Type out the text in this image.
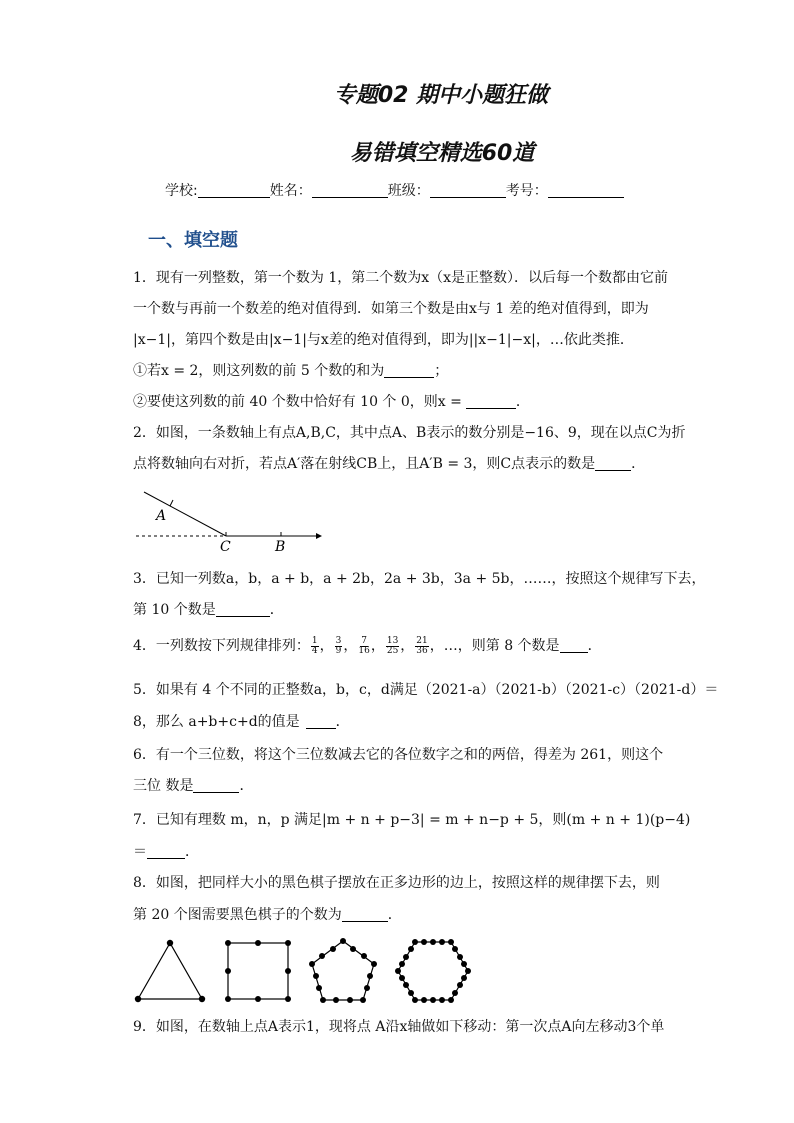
专题02 期中小题狂做
易错填空精选60道
学校:	姓名：	班级：	考号：
一、填空题
1．现有一列整数，第一个数为 1，第二个数为x（x是正整数）．以后每一个数都由它前
一个数与再前一个数差的绝对值得到．如第三个数是由x与 1 差的绝对值得到，即为
|x−1|，第四个数是由|x−1|与x差的绝对值得到，即为||x−1|−x|，…依此类推．
①若x = 2，则这列数的前 5 个数的和为	；
②要使这列数的前 40 个数中恰好有 10 个 0，则x =	．
2．如图，一条数轴上有点A,B,C，其中点A、B表示的数分别是−16、9，现在以点C为折
点将数轴向右对折，若点A′落在射线CB上，且A′B = 3，则C点表示的数是	．
A
C	B
3．已知一列数a，b，a + b，a + 2b，2a + 3b，3a + 5b，……，按照这个规律写下去，
第 10 个数是	．
4．一列数按下列规律排列： $\frac{1}{4}$ ， $\frac{3}{9}$ ， $\frac{7}{16}$ ， $\frac{13}{25}$ ， $\frac{21}{36}$ ，…，则第 8 个数是 ．
5．如果有 4 个不同的正整数a，b，c，d满足（2021-a）（2021-b）（2021-c）（2021-d）＝
8，那么 a+b+c+d的值是	．
6．有一个三位数，将这个三位数减去它的各位数字之和的两倍，得差为 261，则这个
三位 数是	．
7．已知有理数 m，n，p 满足|m + n + p−3| = m + n−p + 5，则(m + n + 1)(p−4)
＝	．
8．如图，把同样大小的黑色棋子摆放在正多边形的边上，按照这样的规律摆下去，则
第 20 个图需要黑色棋子的个数为	．
9．如图，在数轴上点A表示1，现将点 A沿x轴做如下移动：第一次点A向左移动3个单
